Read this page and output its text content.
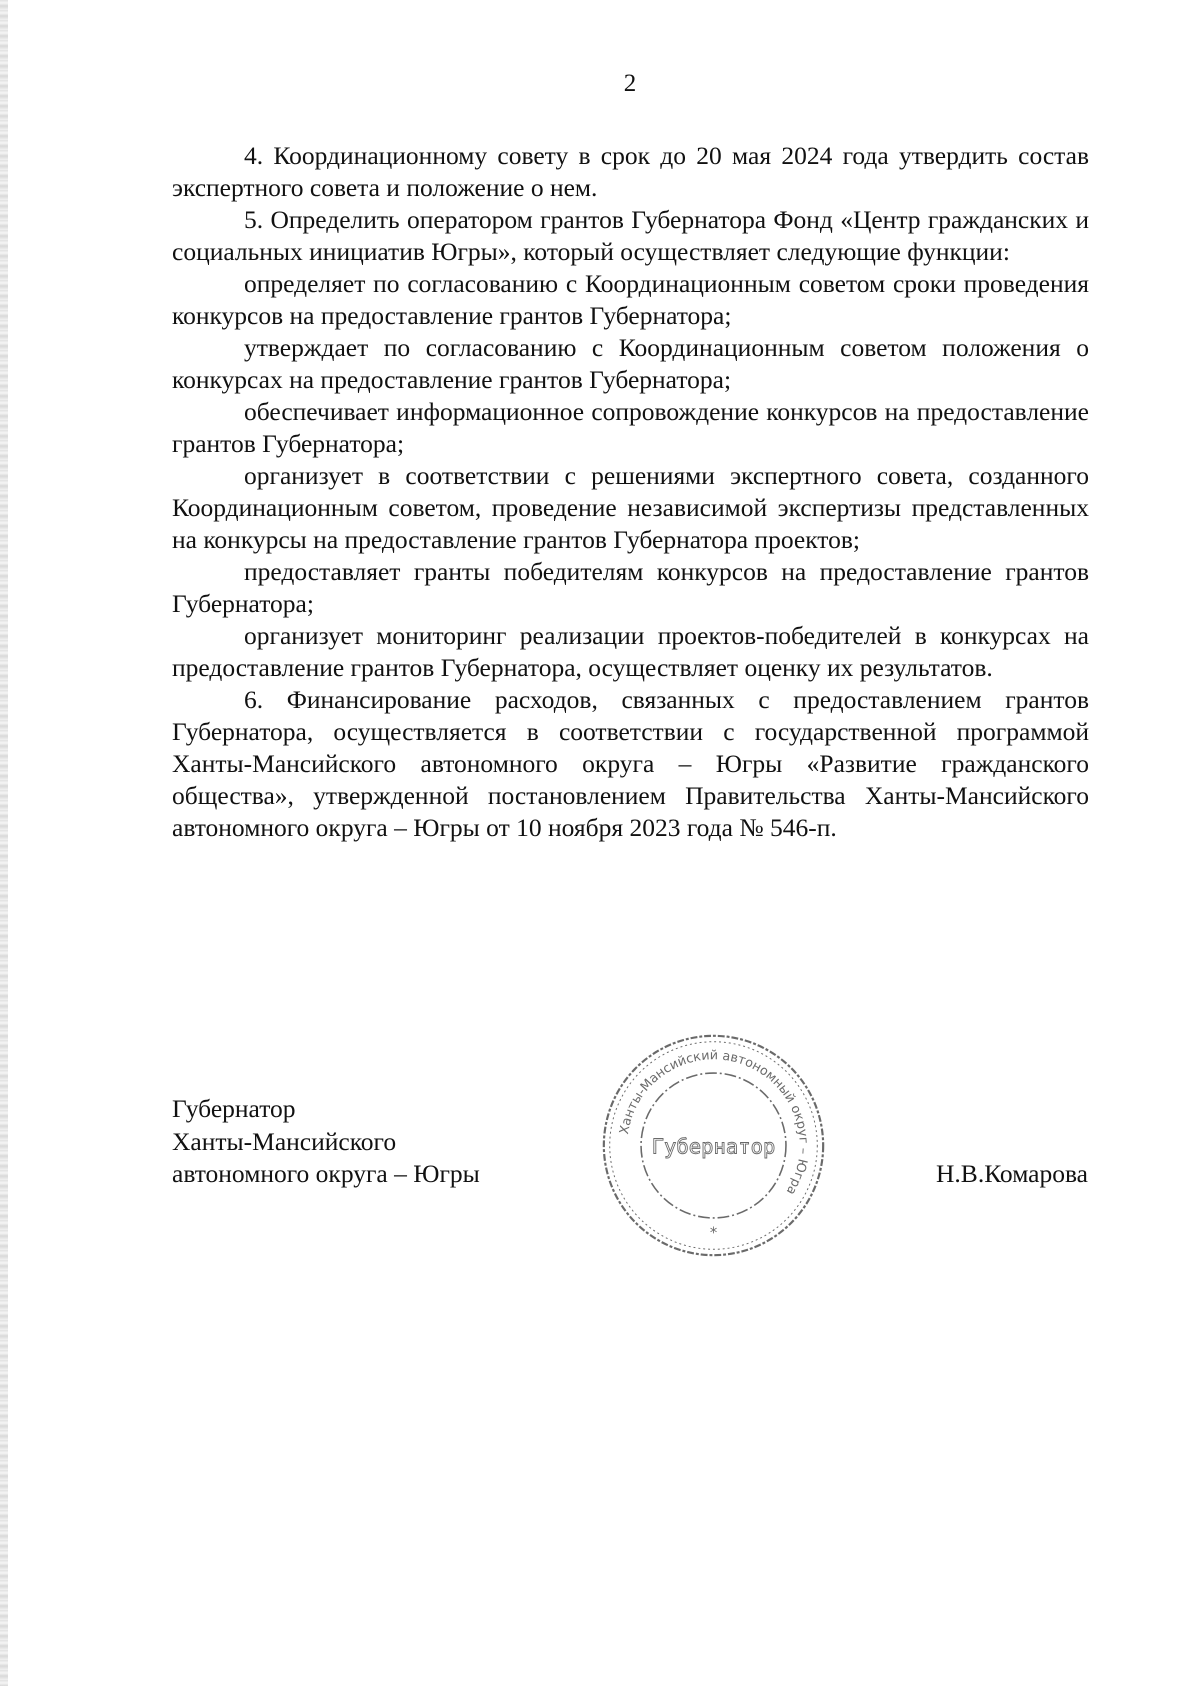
2

4. Координационному совету в срок до 20 мая 2024 года утвердить состав экспертного совета и положение о нем.

5. Определить оператором грантов Губернатора Фонд «Центр гражданских и социальных инициатив Югры», который осуществляет следующие функции:

определяет по согласованию с Координационным советом сроки проведения конкурсов на предоставление грантов Губернатора;

утверждает по согласованию с Координационным советом положения о конкурсах на предоставление грантов Губернатора;

обеспечивает информационное сопровождение конкурсов на предоставление грантов Губернатора;

организует в соответствии с решениями экспертного совета, созданного Координационным советом, проведение независимой экспертизы представленных на конкурсы на предоставление грантов Губернатора проектов;

предоставляет гранты победителям конкурсов на предоставление грантов Губернатора;

организует мониторинг реализации проектов-победителей в конкурсах на предоставление грантов Губернатора, осуществляет оценку их результатов.

6. Финансирование расходов, связанных с предоставлением грантов Губернатора, осуществляется в соответствии с государственной программой Ханты-Мансийского автономного округа – Югры «Развитие гражданского общества», утвержденной постановлением Правительства Ханты-Мансийского автономного округа – Югры от 10 ноября 2023 года № 546-п.

Губернатор
Ханты-Мансийского
автономного округа – Югры
Ханты-Мансийский автономный округ – Югра
Губернатор
*
Н.В.Комарова
